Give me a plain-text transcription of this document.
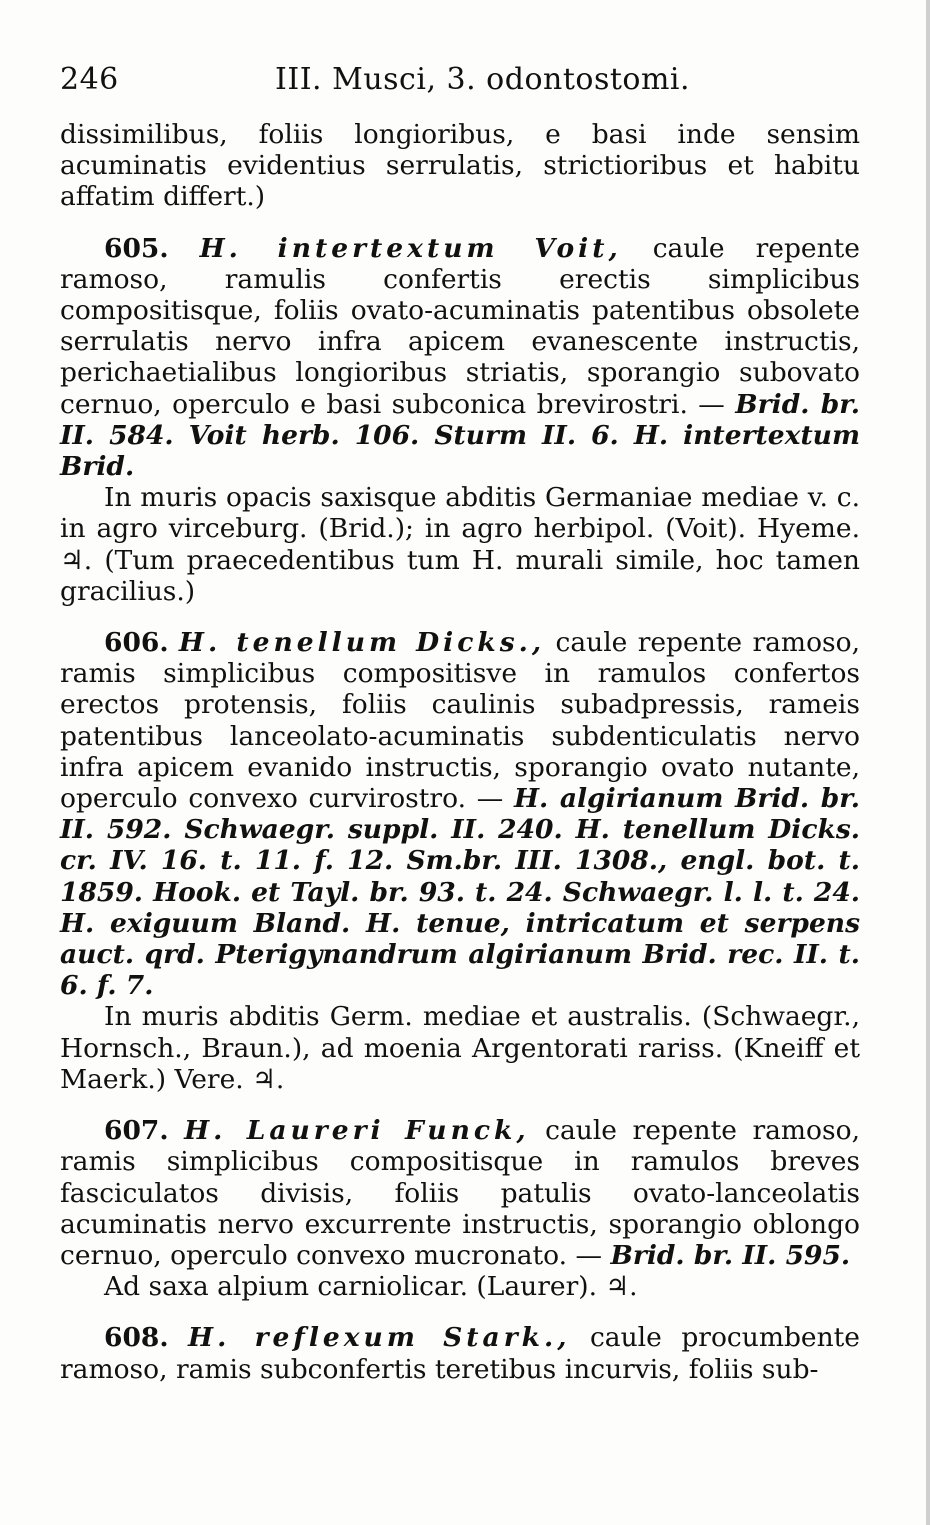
246	III. Musci, 3. odontostomi.

dissimilibus, foliis longioribus, e basi inde sensim acuminatis evidentius serrulatis, strictioribus et habitu affatim differt.)

605. H. intertextum Voit, caule repente ramoso, ramulis confertis erectis simplicibus compositisque, foliis ovato-acuminatis patentibus obsolete serrulatis nervo infra apicem evanescente instructis, perichaetialibus longioribus striatis, sporangio subovato cernuo, operculo e basi subconica brevirostri. — Brid. br. II. 584. Voit herb. 106. Sturm II. 6. H. intertextum Brid.

In muris opacis saxisque abditis Germaniae mediae v. c. in agro virceburg. (Brid.); in agro herbipol. (Voit). Hyeme. ♃. (Tum praecedentibus tum H. murali simile, hoc tamen gracilius.)

606. H. tenellum Dicks., caule repente ramoso, ramis simplicibus compositisve in ramulos confertos erectos protensis, foliis caulinis subadpressis, rameis patentibus lanceolato-acuminatis subdenticulatis nervo infra apicem evanido instructis, sporangio ovato nutante, operculo convexo curvirostro. — H. algirianum Brid. br. II. 592. Schwaegr. suppl. II. 240. H. tenellum Dicks. cr. IV. 16. t. 11. f. 12. Sm.br. III. 1308., engl. bot. t. 1859. Hook. et Tayl. br. 93. t. 24. Schwaegr. l. l. t. 24. H. exiguum Bland. H. tenue, intricatum et serpens auct. qrd. Pterigynandrum algirianum Brid. rec. II. t. 6. f. 7.

In muris abditis Germ. mediae et australis. (Schwaegr., Hornsch., Braun.), ad moenia Argentorati rariss. (Kneiff et Maerk.) Vere. ♃.

607. H. Laureri Funck, caule repente ramoso, ramis simplicibus compositisque in ramulos breves fasciculatos divisis, foliis patulis ovato-lanceolatis acuminatis nervo excurrente instructis, sporangio oblongo cernuo, operculo convexo mucronato. — Brid. br. II. 595.

Ad saxa alpium carniolicar. (Laurer). ♃.

608. H. reflexum Stark., caule procumbente ramoso, ramis subconfertis teretibus incurvis, foliis sub-
